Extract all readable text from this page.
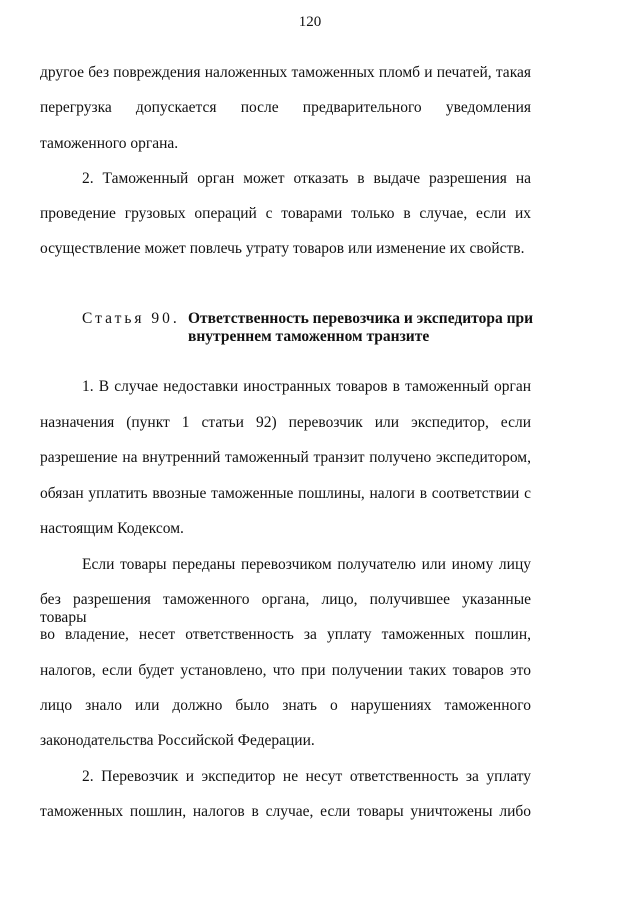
120
другое без повреждения наложенных таможенных пломб и печатей, такая
перегрузка допускается после предварительного уведомления
таможенного органа.
2. Таможенный орган может отказать в выдаче разрешения на
проведение грузовых операций с товарами только в случае, если их
осуществление может повлечь утрату товаров или изменение их свойств.
Статья 90. Ответственность перевозчика и экспедитора при
внутреннем таможенном транзите
1. В случае недоставки иностранных товаров в таможенный орган
назначения (пункт 1 статьи 92) перевозчик или экспедитор, если
разрешение на внутренний таможенный транзит получено экспедитором,
обязан уплатить ввозные таможенные пошлины, налоги в соответствии с
настоящим Кодексом.
Если товары переданы перевозчиком получателю или иному лицу
без разрешения таможенного органа, лицо, получившее указанные товары
во владение, несет ответственность за уплату таможенных пошлин,
налогов, если будет установлено, что при получении таких товаров это
лицо знало или должно было знать о нарушениях таможенного
законодательства Российской Федерации.
2. Перевозчик и экспедитор не несут ответственность за уплату
таможенных пошлин, налогов в случае, если товары уничтожены либо
